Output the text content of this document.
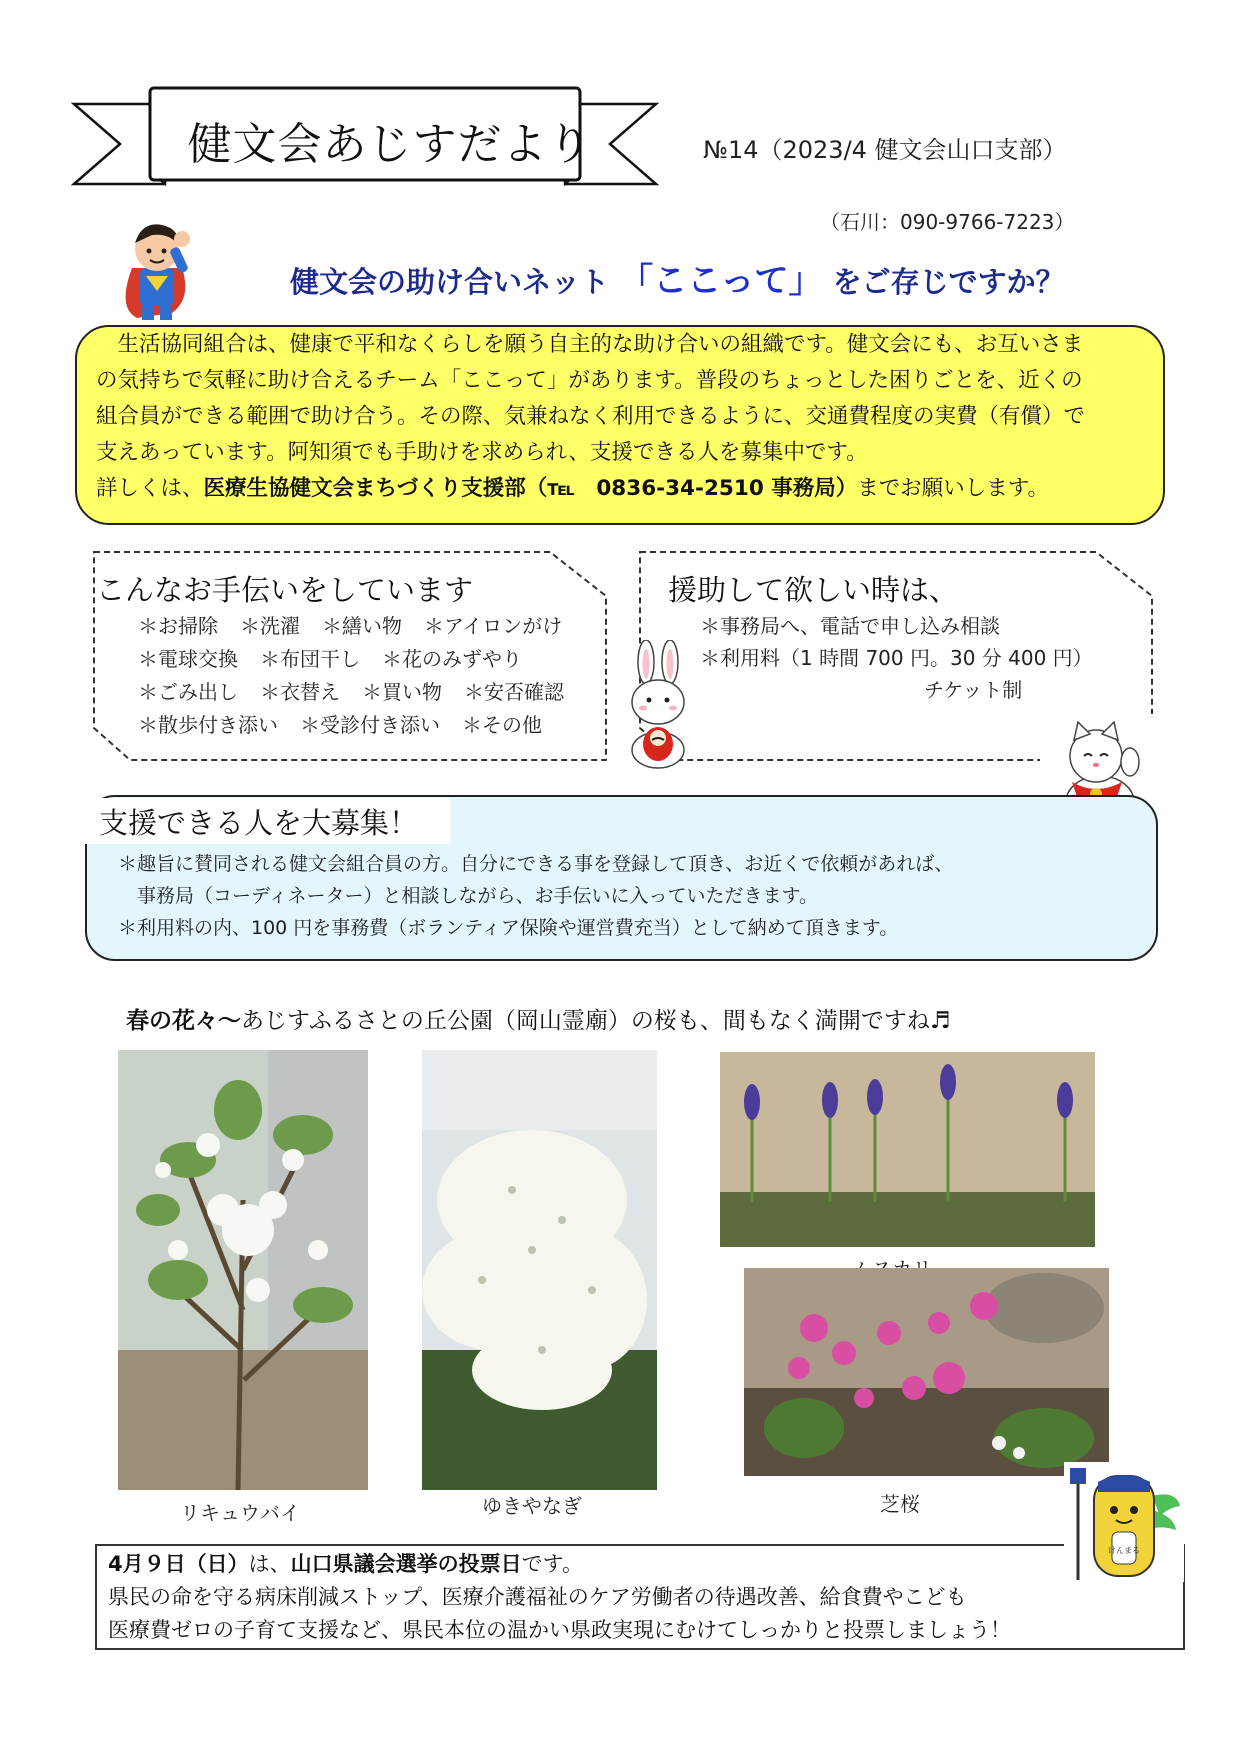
健文会あじすだより	№14（2023/4 健文会山口支部）
（石川：090-9766-7223）
健文会の助け合いネット 「ここって」 をご存じですか？

生活協同組合は、健康で平和なくらしを願う自主的な助け合いの組織です。健文会にも、お互いさま

の気持ちで気軽に助け合えるチーム「ここって」があります。普段のちょっとした困りごとを、近くの

組合員ができる範囲で助け合う。その際、気兼ねなく利用できるように、交通費程度の実費（有償）で

支えあっています。阿知須でも手助けを求められ、支援できる人を募集中です。

詳しくは、医療生協健文会まちづくり支援部（℡　0836-34-2510 事務局）までお願いします。

こんなお手伝いをしています
＊お掃除 ＊洗濯 ＊繕い物 ＊アイロンがけ
＊電球交換 ＊布団干し ＊花のみずやり
＊ごみ出し ＊衣替え ＊買い物 ＊安否確認
＊散歩付き添い ＊受診付き添い ＊その他
援助して欲しい時は、
＊事務局へ、電話で申し込み相談
＊利用料（1 時間 700 円。30 分 400 円）
チケット制
支援できる人を大募集！

＊趣旨に賛同される健文会組合員の方。自分にできる事を登録して頂き、お近くで依頼があれば、

　事務局（コーディネーター）と相談しながら、お手伝いに入っていただきます。

＊利用料の内、100 円を事務費（ボランティア保険や運営費充当）として納めて頂きます。

春の花々～あじすふるさとの丘公園（岡山霊廟）の桜も、間もなく満開ですね♬
リキュウバイ	ゆきやなぎ	芝桜

4月９日（日）は、山口県議会選挙の投票日です。

県民の命を守る病床削減ストップ、医療介護福祉のケア労働者の待遇改善、給食費やこども

医療費ゼロの子育て支援など、県民本位の温かい県政実現にむけてしっかりと投票しましょう！

けんまる
